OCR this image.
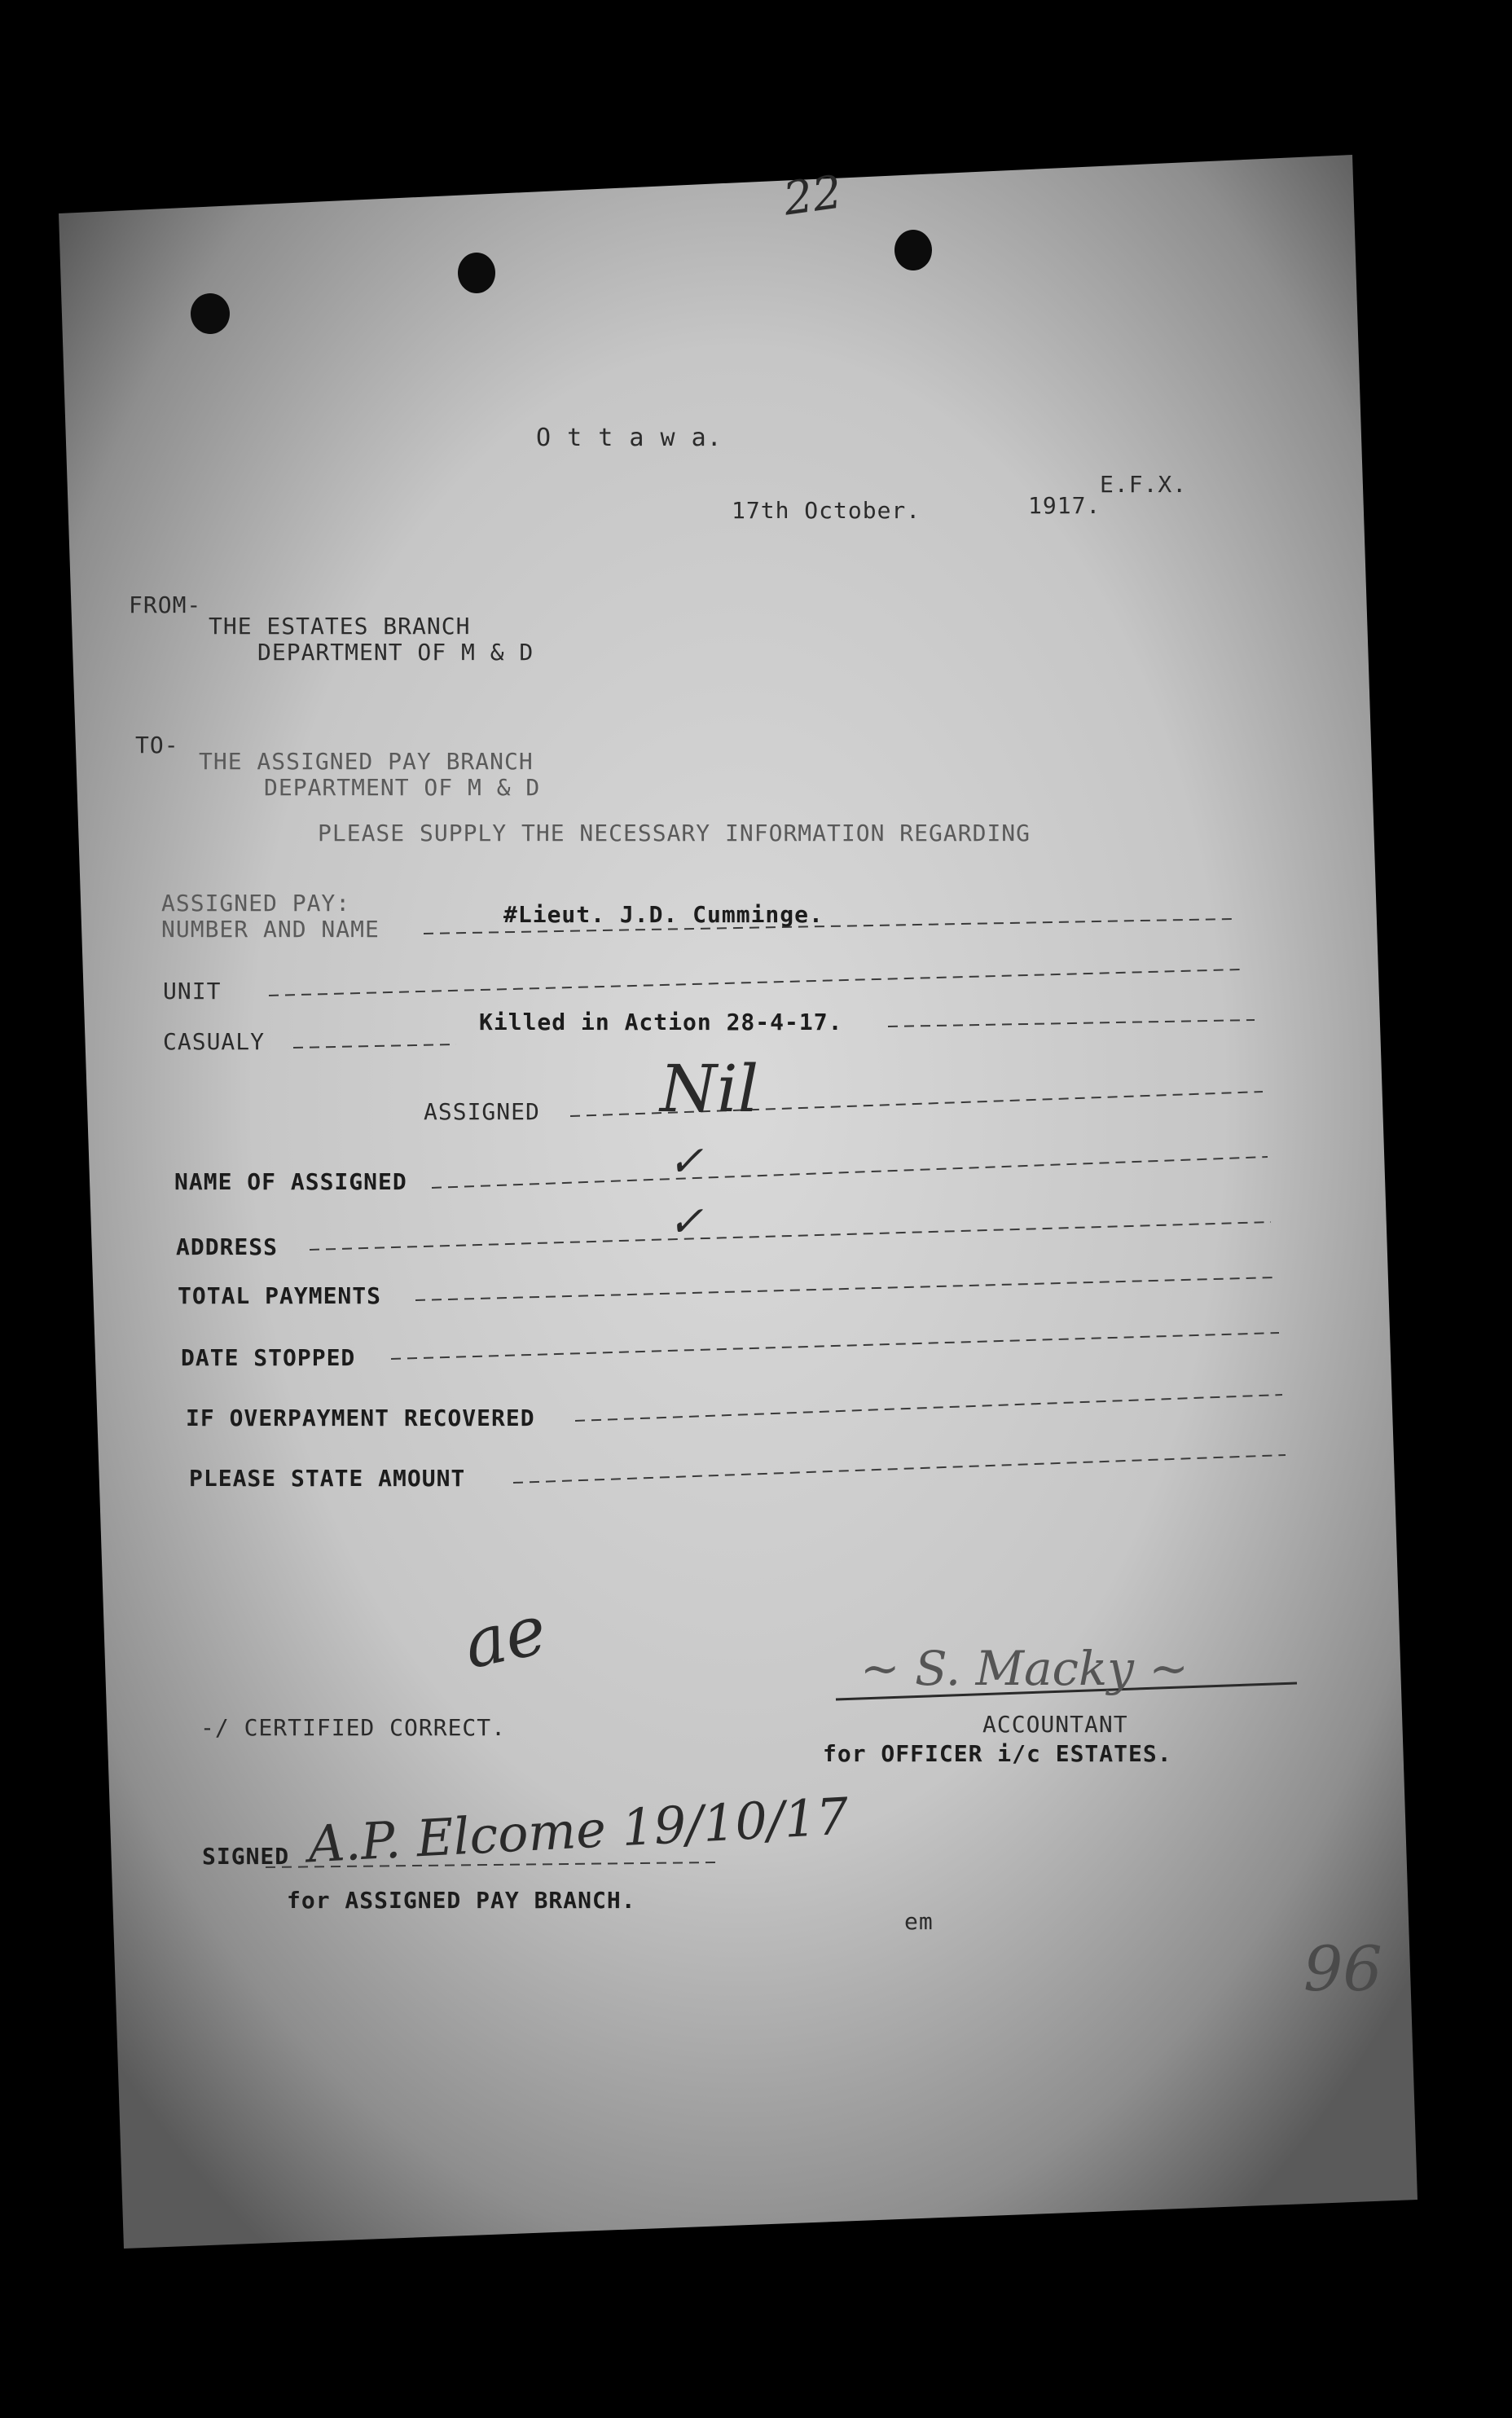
22
O t t a w a.
17th October.	1917.
E.F.X.
FROM-
THE ESTATES BRANCH
DEPARTMENT OF M & D
TO-
THE ASSIGNED PAY BRANCH
DEPARTMENT OF M & D
PLEASE SUPPLY THE NECESSARY INFORMATION REGARDING
ASSIGNED PAY:
NUMBER AND NAME
#Lieut. J.D. Cumminge.
UNIT
Killed in Action 28-4-17.
CASUALY
ASSIGNED Nil
NAME OF ASSIGNED	✓
ADDRESS
✓
TOTAL PAYMENTS
DATE STOPPED
IF OVERPAYMENT RECOVERED
PLEASE STATE AMOUNT
ae
-/ CERTIFIED CORRECT.
~ S. Macky ~
ACCOUNTANT
for OFFICER i/c ESTATES.
SIGNED A.P. Elcome 19/10/17
for ASSIGNED PAY BRANCH.
em
96
